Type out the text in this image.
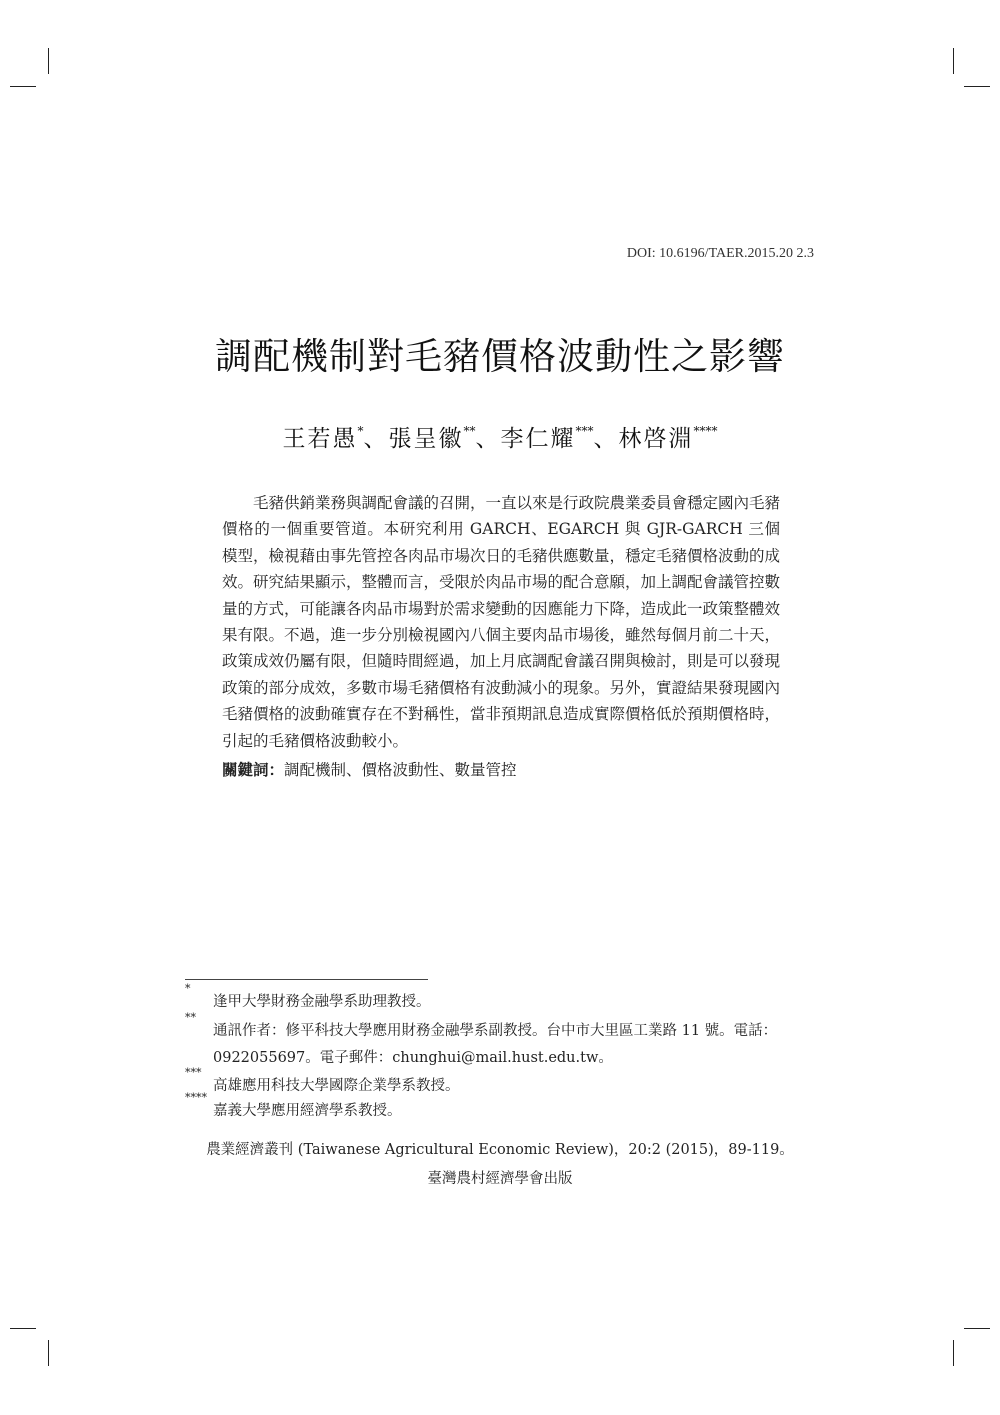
DOI: 10.6196/TAER.2015.20 2.3
調配機制對毛豬價格波動性之影響
王若愚*、張呈徽**、李仁耀***、林啓淵****

毛豬供銷業務與調配會議的召開，一直以來是行政院農業委員會穩定國內毛豬價格的一個重要管道。本研究利用 GARCH、EGARCH 與 GJR-GARCH 三個模型，檢視藉由事先管控各肉品市場次日的毛豬供應數量，穩定毛豬價格波動的成效。研究結果顯示，整體而言，受限於肉品市場的配合意願，加上調配會議管控數量的方式，可能讓各肉品市場對於需求變動的因應能力下降，造成此一政策整體效果有限。不過，進一步分別檢視國內八個主要肉品市場後，雖然每個月前二十天，政策成效仍屬有限，但隨時間經過，加上月底調配會議召開與檢討，則是可以發現政策的部分成效，多數市場毛豬價格有波動減小的現象。另外，實證結果發現國內毛豬價格的波動確實存在不對稱性，當非預期訊息造成實際價格低於預期價格時，引起的毛豬價格波動較小。

關鍵詞：調配機制、價格波動性、數量管控
*
逢甲大學財務金融學系助理教授。
**
通訊作者：修平科技大學應用財務金融學系副教授。台中市大里區工業路 11 號。電話：0922055697。電子郵件：chunghui@mail.hust.edu.tw。
***
高雄應用科技大學國際企業學系教授。
****
嘉義大學應用經濟學系教授。
農業經濟叢刊 (Taiwanese Agricultural Economic Review)，20:2 (2015)，89-119。
臺灣農村經濟學會出版
